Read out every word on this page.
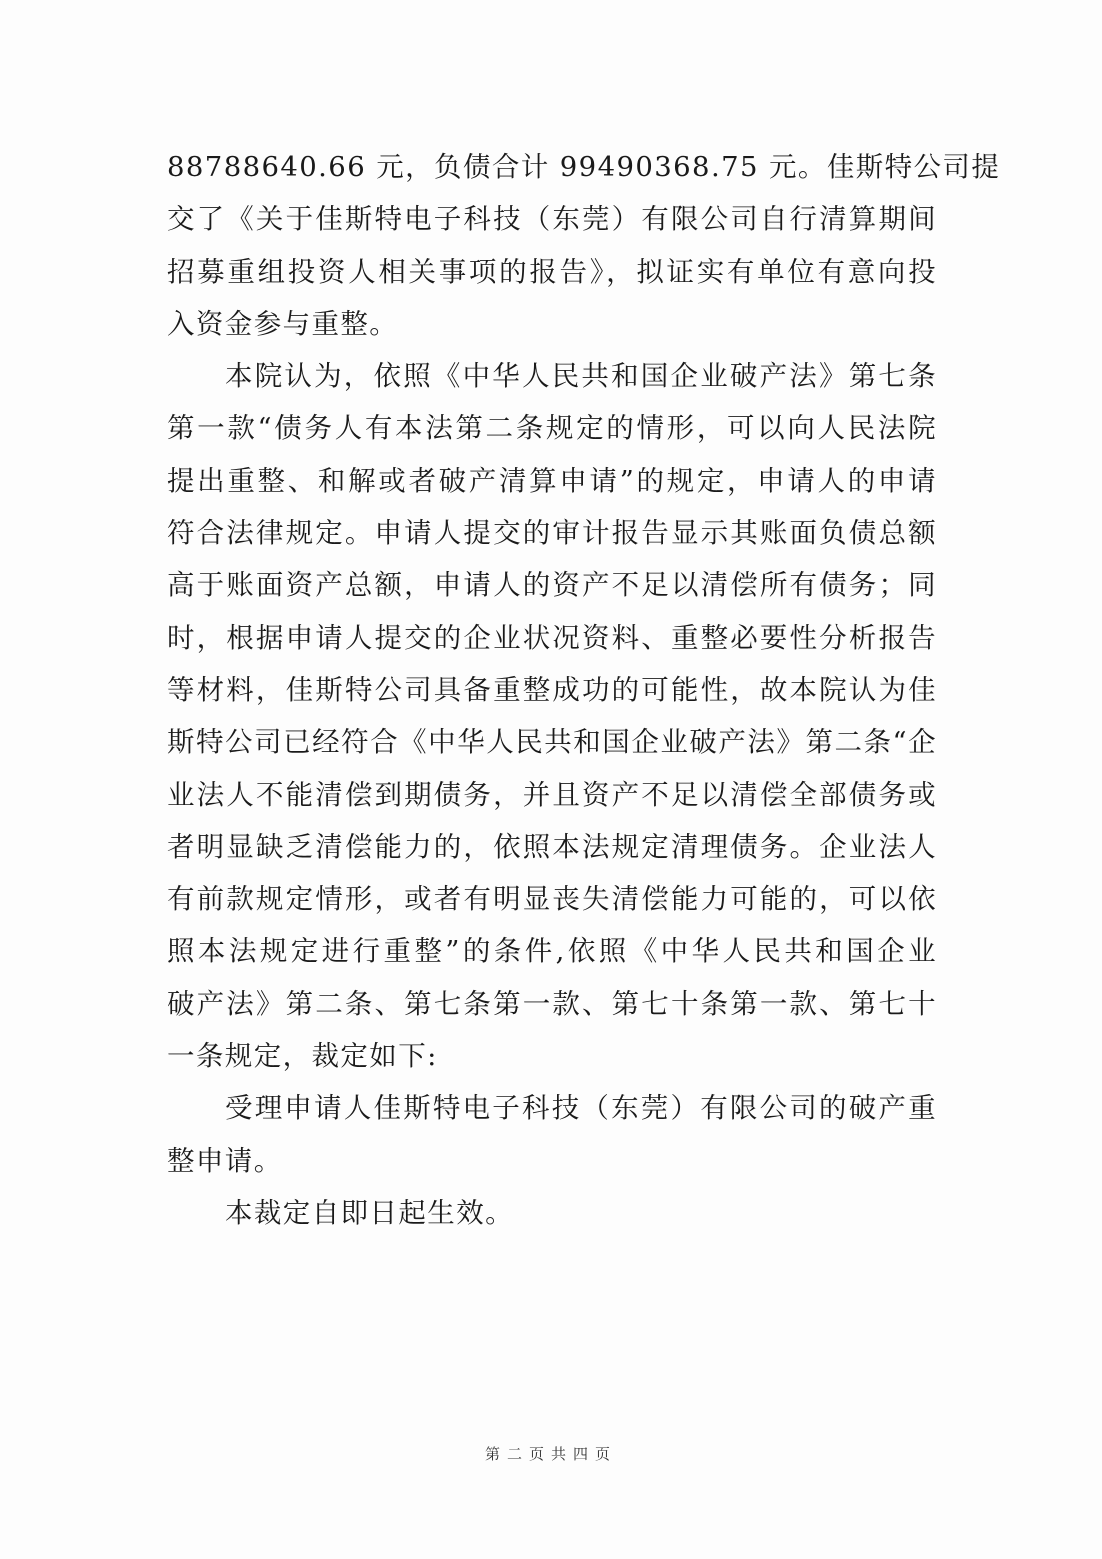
88788640.66 元，负债合计 99490368.75 元。佳斯特公司提
交了《关于佳斯特电子科技（东莞）有限公司自行清算期间
招募重组投资人相关事项的报告》，拟证实有单位有意向投
入资金参与重整。
本院认为，依照《中华人民共和国企业破产法》第七条
第一款“债务人有本法第二条规定的情形，可以向人民法院
提出重整、和解或者破产清算申请”的规定，申请人的申请
符合法律规定。申请人提交的审计报告显示其账面负债总额
高于账面资产总额，申请人的资产不足以清偿所有债务；同
时，根据申请人提交的企业状况资料、重整必要性分析报告
等材料，佳斯特公司具备重整成功的可能性，故本院认为佳
斯特公司已经符合《中华人民共和国企业破产法》第二条“企
业法人不能清偿到期债务，并且资产不足以清偿全部债务或
者明显缺乏清偿能力的，依照本法规定清理债务。企业法人
有前款规定情形，或者有明显丧失清偿能力可能的，可以依
照本法规定进行重整”的条件,依照《中华人民共和国企业
破产法》第二条、第七条第一款、第七十条第一款、第七十
一条规定，裁定如下:
受理申请人佳斯特电子科技（东莞）有限公司的破产重
整申请。
本裁定自即日起生效。
第二页共四页
